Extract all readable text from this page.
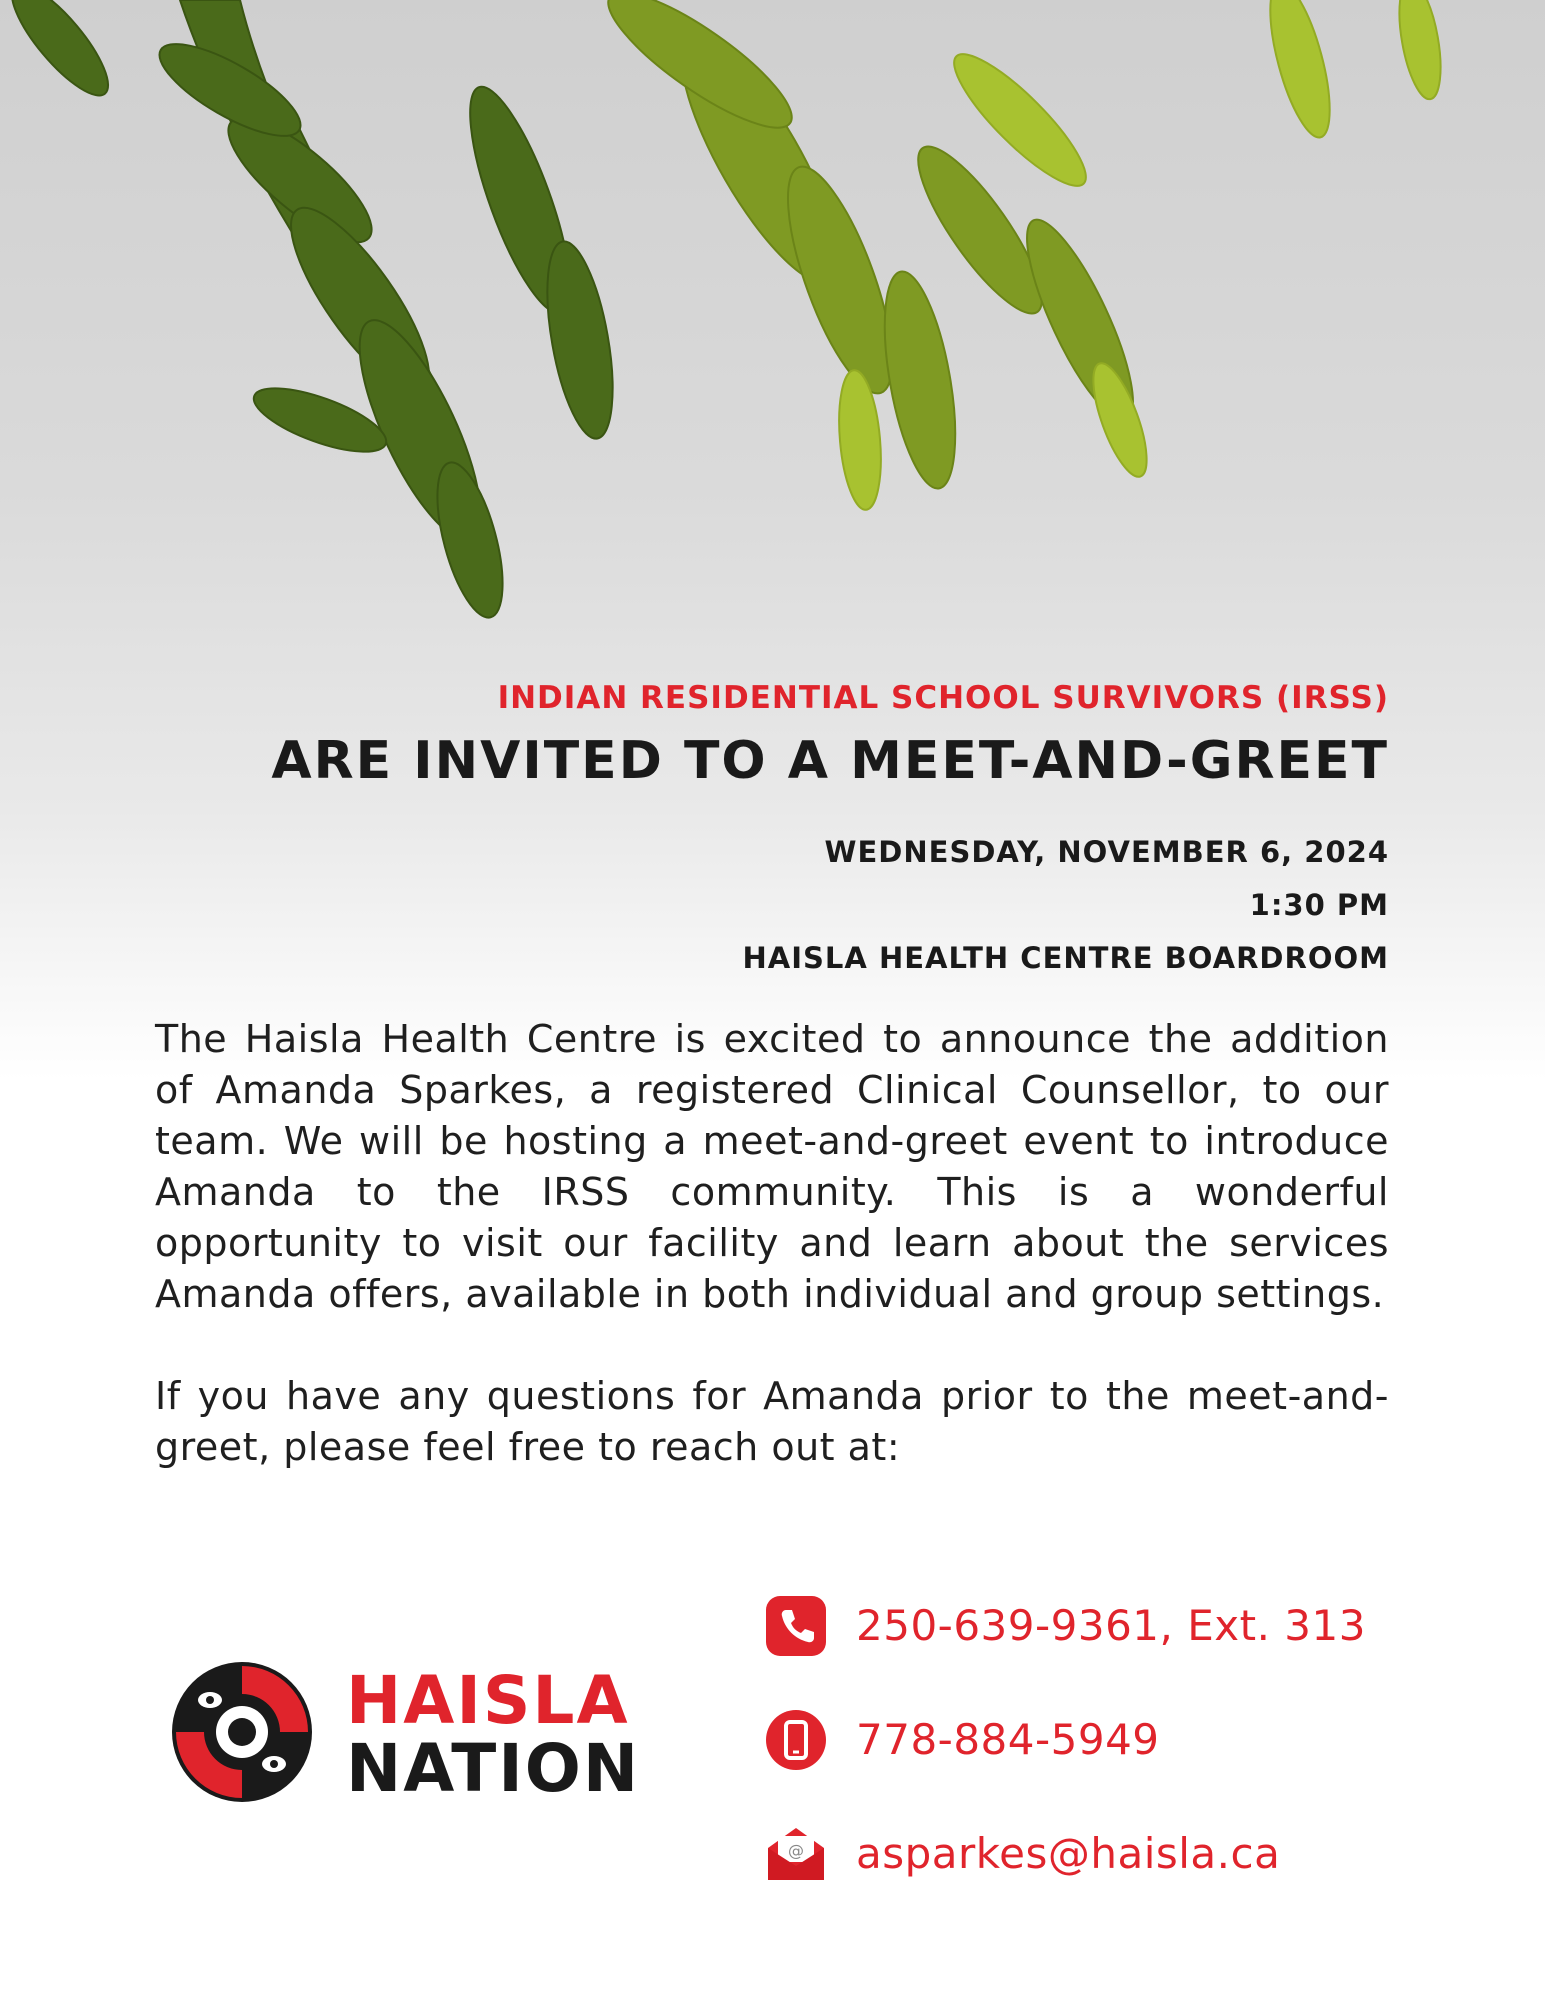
INDIAN RESIDENTIAL SCHOOL SURVIVORS (IRSS)

ARE INVITED TO A MEET-AND-GREET

WEDNESDAY, NOVEMBER 6, 2024
1:30 PM
HAISLA HEALTH CENTRE BOARDROOM

The Haisla Health Centre is excited to announce the addition of Amanda Sparkes, a registered Clinical Counsellor, to our team. We will be hosting a meet-and-greet event to introduce Amanda to the IRSS community. This is a wonderful opportunity to visit our facility and learn about the services Amanda offers, available in both individual and group settings.

If you have any questions for Amanda prior to the meet-and-greet, please feel free to reach out at:

HAISLA
NATION
250-639-9361, Ext. 313
778-884-5949
@ asparkes@haisla.ca
